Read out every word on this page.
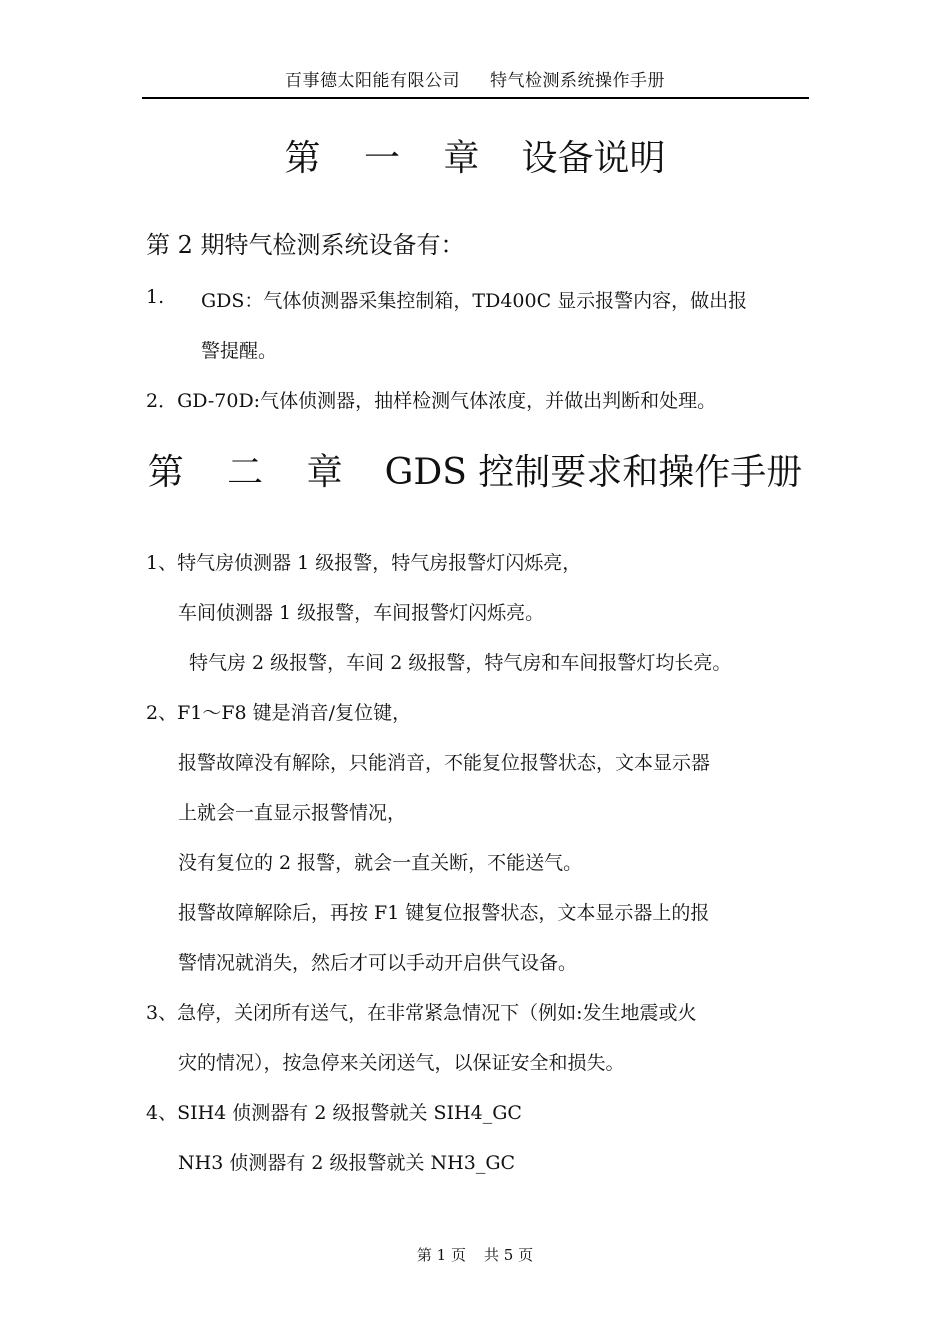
百事德太阳能有限公司 特气检测系统操作手册
第 一 章 设备说明
第 2 期特气检测系统设备有：
1. GDS：气体侦测器采集控制箱，TD400C 显示报警内容，做出报
警提醒。
2．GD-70D:气体侦测器，抽样检测气体浓度，并做出判断和处理。
第 二 章 GDS 控制要求和操作手册
1、特气房侦测器 1 级报警，特气房报警灯闪烁亮，
车间侦测器 1 级报警，车间报警灯闪烁亮。
特气房 2 级报警，车间 2 级报警，特气房和车间报警灯均长亮。
2、F1～F8 键是消音/复位键，
报警故障没有解除，只能消音，不能复位报警状态，文本显示器
上就会一直显示报警情况，
没有复位的 2 报警，就会一直关断，不能送气。
报警故障解除后，再按 F1 键复位报警状态，文本显示器上的报
警情况就消失，然后才可以手动开启供气设备。
3、急停，关闭所有送气，在非常紧急情况下（例如:发生地震或火
灾的情况），按急停来关闭送气，以保证安全和损失。
4、SIH4 侦测器有 2 级报警就关 SIH4_GC
NH3 侦测器有 2 级报警就关 NH3_GC
第 1 页 共 5 页
